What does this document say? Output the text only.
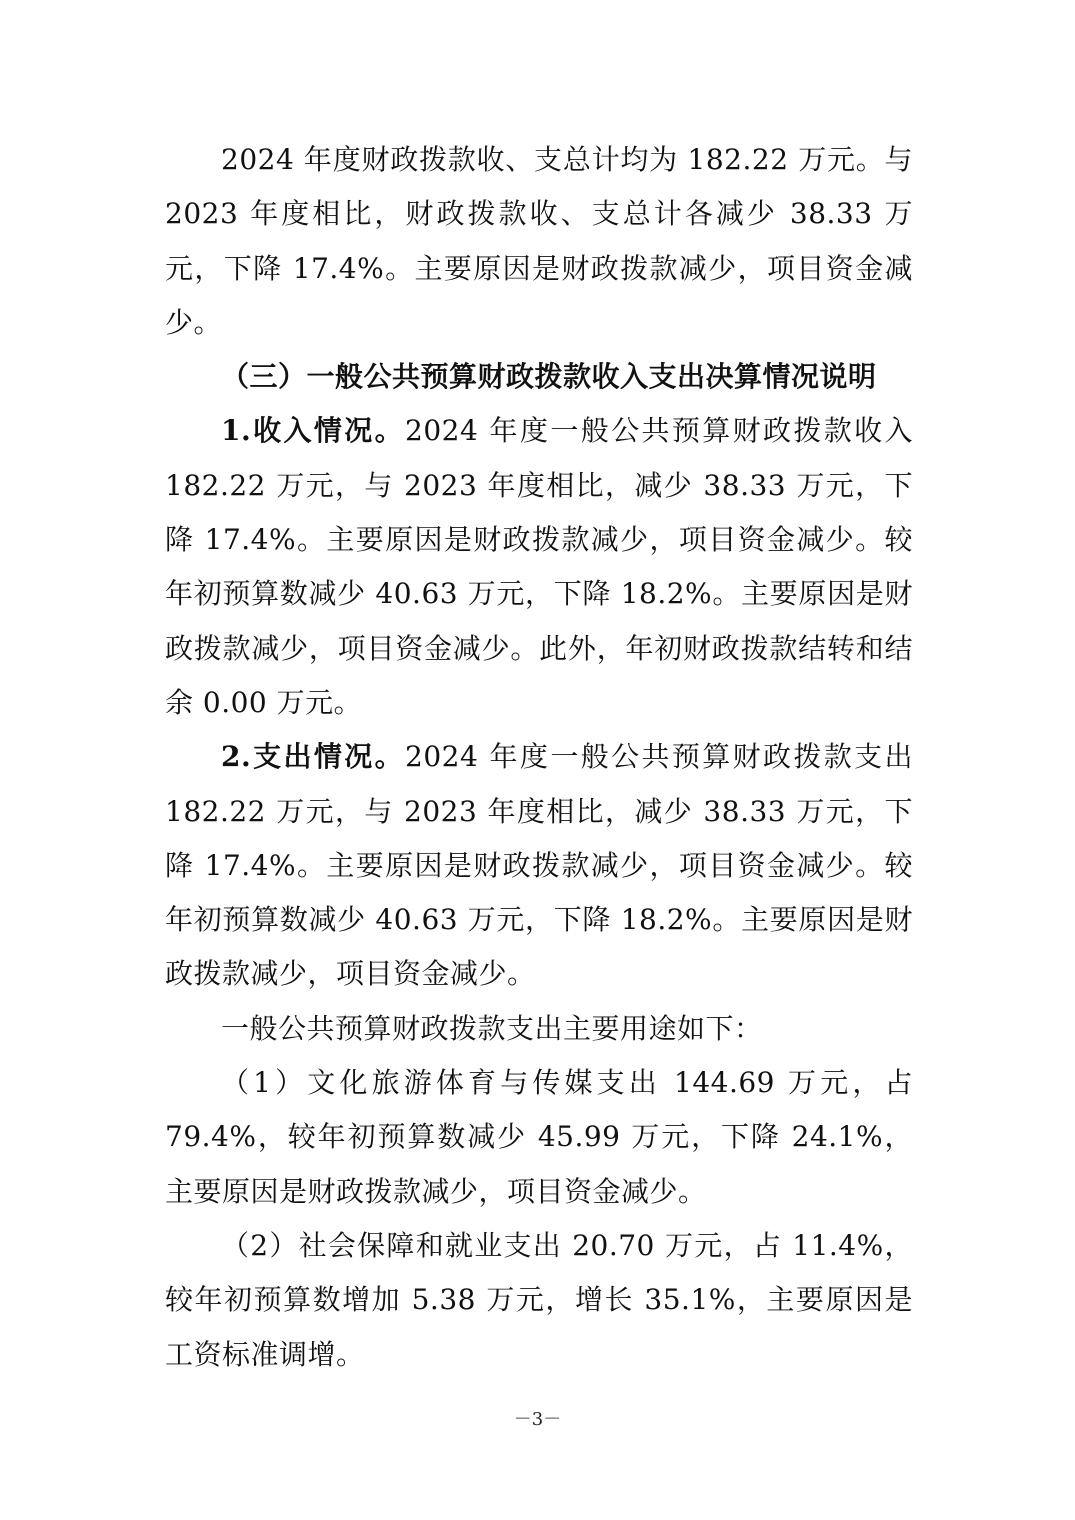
2024 年度财政拨款收、支总计均为 182.22 万元。与 2023 年度相比，财政拨款收、支总计各减少 38.33 万元，下降 17.4%。主要原因是财政拨款减少，项目资金减少。

（三）一般公共预算财政拨款收入支出决算情况说明

1.收入情况。2024 年度一般公共预算财政拨款收入 182.22 万元，与 2023 年度相比，减少 38.33 万元，下降 17.4%。主要原因是财政拨款减少，项目资金减少。较年初预算数减少 40.63 万元，下降 18.2%。主要原因是财政拨款减少，项目资金减少。此外，年初财政拨款结转和结余 0.00 万元。

2.支出情况。2024 年度一般公共预算财政拨款支出 182.22 万元，与 2023 年度相比，减少 38.33 万元，下降 17.4%。主要原因是财政拨款减少，项目资金减少。较年初预算数减少 40.63 万元，下降 18.2%。主要原因是财政拨款减少，项目资金减少。

一般公共预算财政拨款支出主要用途如下：

（1）文化旅游体育与传媒支出 144.69 万元，占 79.4%，较年初预算数减少 45.99 万元，下降 24.1%，主要原因是财政拨款减少，项目资金减少。

（2）社会保障和就业支出 20.70 万元，占 11.4%，较年初预算数增加 5.38 万元，增长 35.1%，主要原因是工资标准调增。

－3－
